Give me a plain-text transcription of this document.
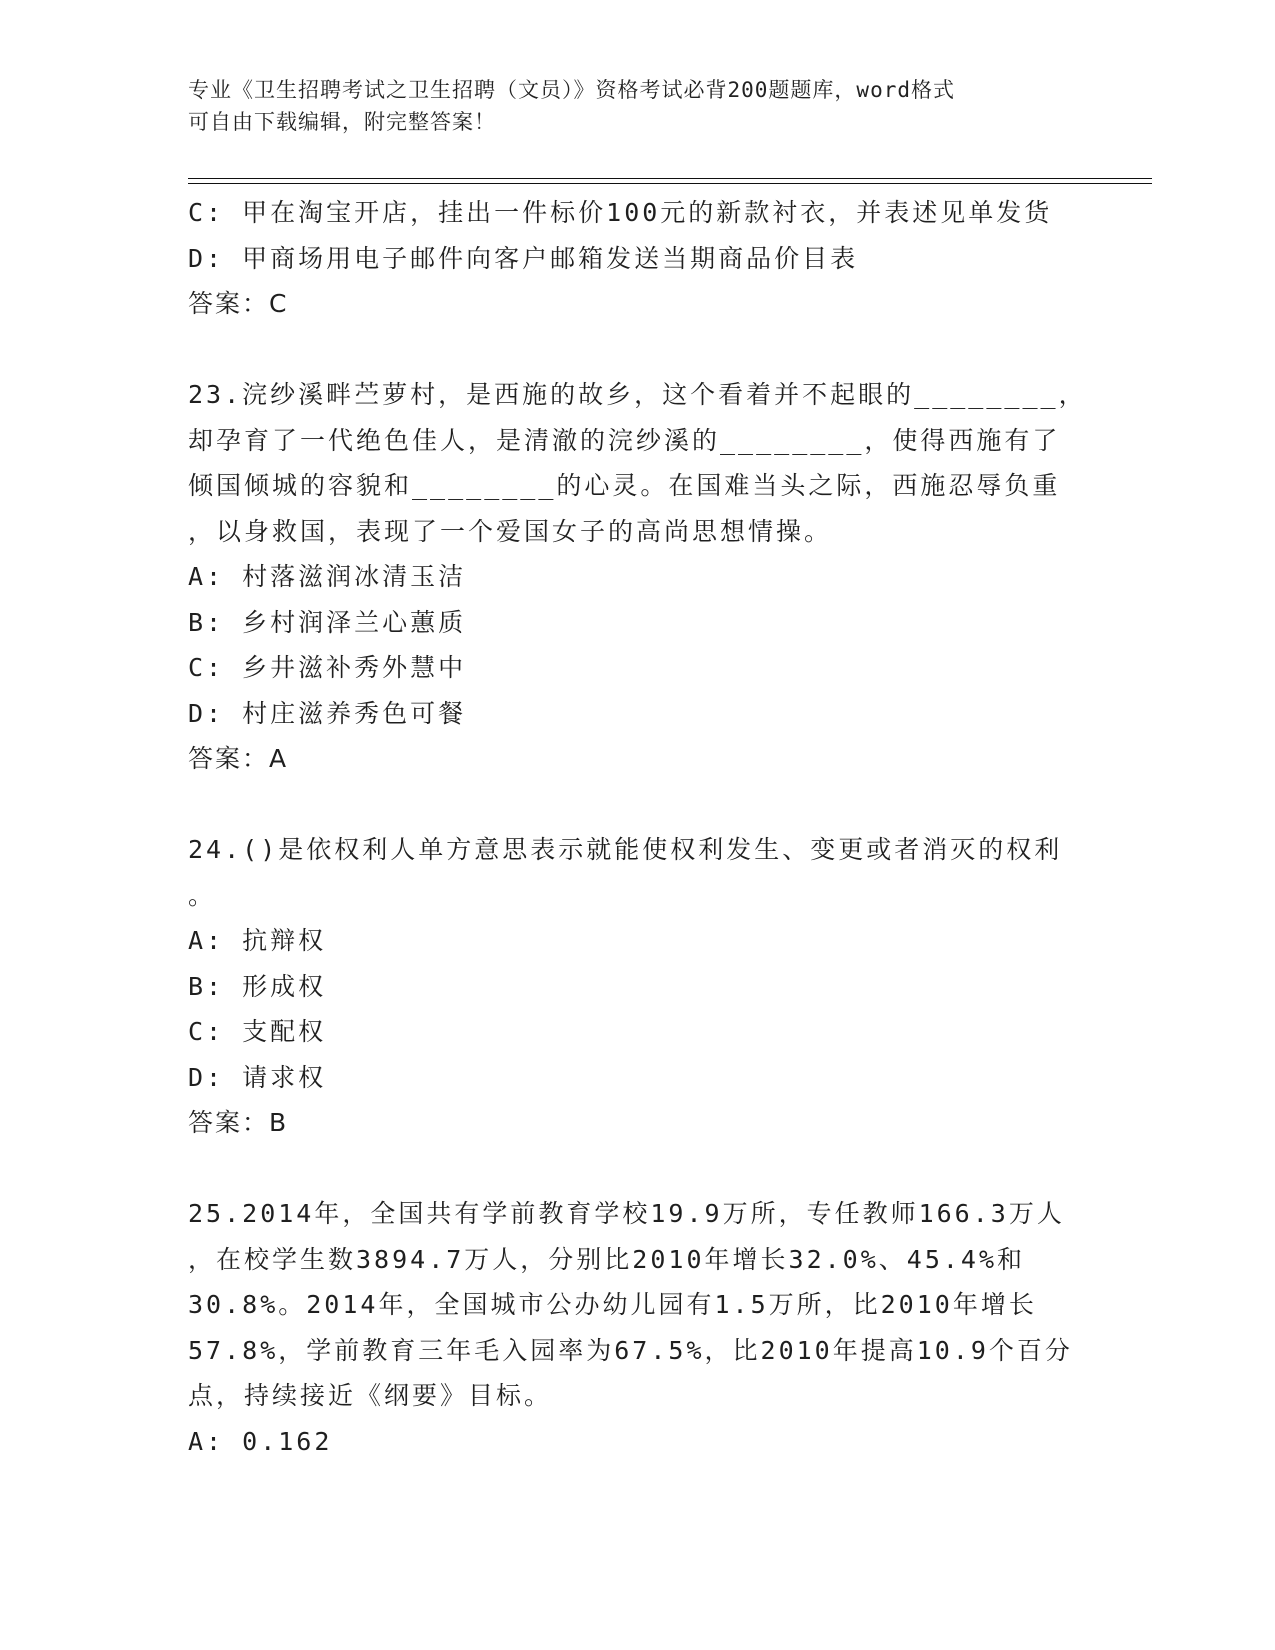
专业《卫生招聘考试之卫生招聘（文员）》资格考试必背200题题库，word格式
可自由下载编辑，附完整答案！
C: 甲在淘宝开店，挂出一件标价100元的新款衬衣，并表述见单发货
D: 甲商场用电子邮件向客户邮箱发送当期商品价目表
答案：C
23.浣纱溪畔苎萝村，是西施的故乡，这个看着并不起眼的________，
却孕育了一代绝色佳人，是清澈的浣纱溪的________，使得西施有了
倾国倾城的容貌和________的心灵。在国难当头之际，西施忍辱负重
，以身救国，表现了一个爱国女子的高尚思想情操。
A: 村落滋润冰清玉洁
B: 乡村润泽兰心蕙质
C: 乡井滋补秀外慧中
D: 村庄滋养秀色可餐
答案：A
24.()是依权利人单方意思表示就能使权利发生、变更或者消灭的权利
。
A: 抗辩权
B: 形成权
C: 支配权
D: 请求权
答案：B
25.2014年，全国共有学前教育学校19.9万所，专任教师166.3万人
，在校学生数3894.7万人，分别比2010年增长32.0%、45.4%和
30.8%。2014年，全国城市公办幼儿园有1.5万所，比2010年增长
57.8%，学前教育三年毛入园率为67.5%，比2010年提高10.9个百分
点，持续接近《纲要》目标。
A: 0.162
